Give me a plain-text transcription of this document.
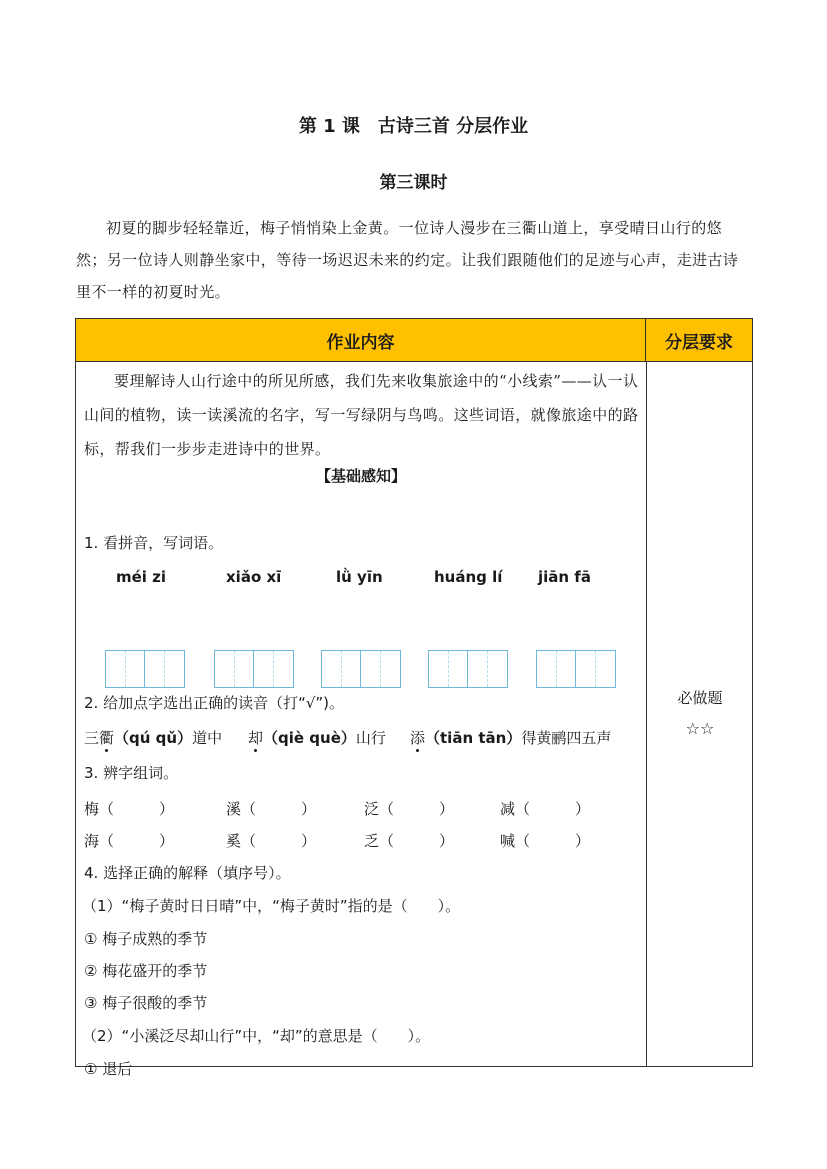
第 1 课　古诗三首 分层作业
第三课时
初夏的脚步轻轻靠近，梅子悄悄染上金黄。一位诗人漫步在三衢山道上，享受晴日山行的悠然；另一位诗人则静坐家中，等待一场迟迟未来的约定。让我们跟随他们的足迹与心声，走进古诗里不一样的初夏时光。
作业内容	分层要求
要理解诗人山行途中的所见所感，我们先来收集旅途中的“小线索”——认一认山间的植物，读一读溪流的名字，写一写绿阴与鸟鸣。这些词语，就像旅途中的路标，帮我们一步步走进诗中的世界。
【基础感知】
1. 看拼音，写词语。
méi zi	xiǎo xī	lǜ yīn	huáng lí jiān fā
2. 给加点字选出正确的读音（打“√”)。
三衢（qú qǔ）道中 却（qiè què）山行 添（tiān tān）得黄鹂四五声
3. 辨字组词。
梅（　　　）	溪（　　　）	泛（　　　）	减（　　　）
海（　　　）	奚（　　　）	乏（　　　）	喊（　　　）
4. 选择正确的解释（填序号）。
（1）“梅子黄时日日晴”中，“梅子黄时”指的是（　　）。
① 梅子成熟的季节
② 梅花盛开的季节
③ 梅子很酸的季节
（2）“小溪泛尽却山行”中，“却”的意思是（　　）。
① 退后
必做题
☆☆
